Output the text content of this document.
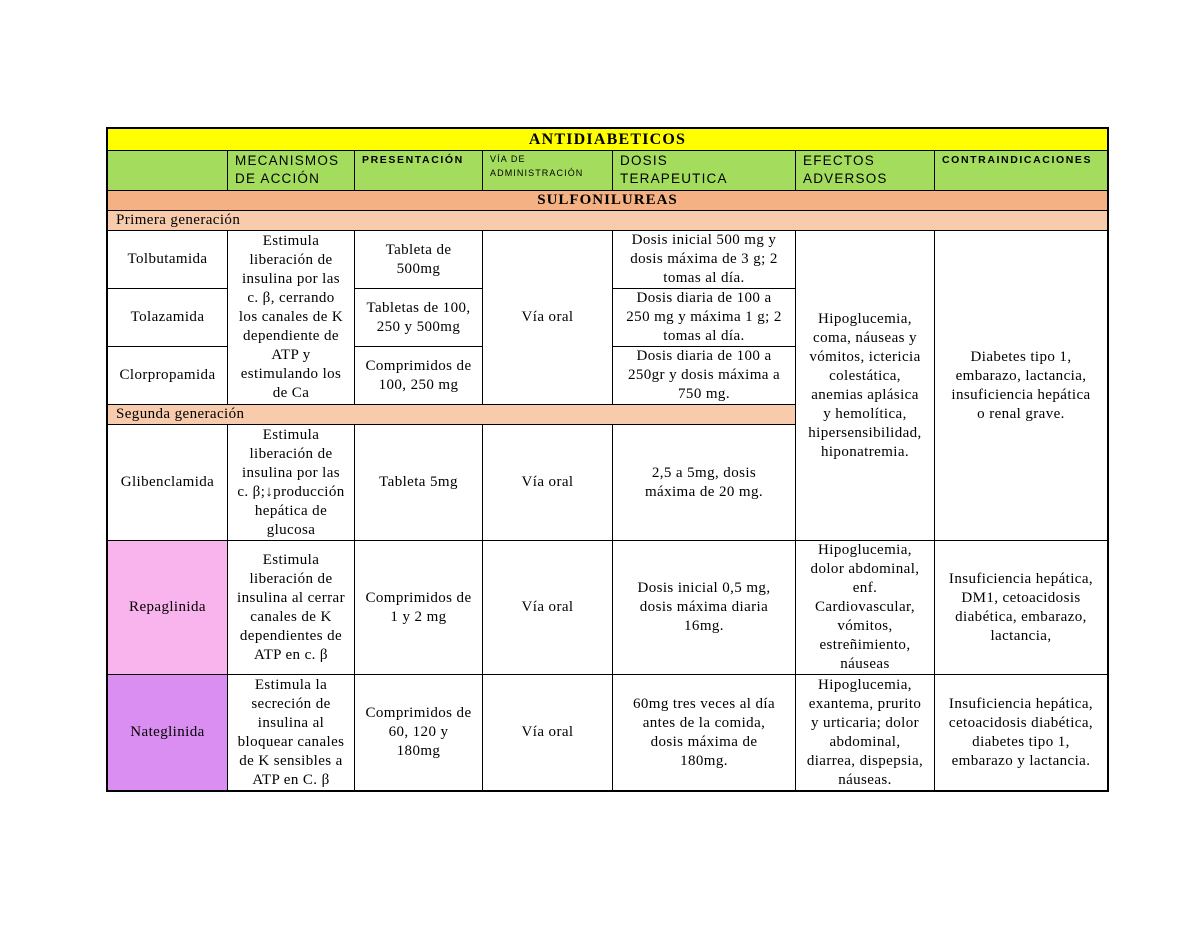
ANTIDIABETICOS
MECANISMOS
DE ACCIÓN
PRESENTACIÓN	VÍA DE
ADMINISTRACIÓN
DOSIS
TERAPEUTICA
EFECTOS
ADVERSOS
CONTRAINDICACIONES
SULFONILUREAS
Primera generación
Tolbutamida
Estimula
liberación de
insulina por las
c. β, cerrando
los canales de K
dependiente de
ATP y
estimulando los
de Ca
Tableta de
500mg
Vía oral
Dosis inicial 500 mg y
dosis máxima de 3 g; 2
tomas al día.
Hipoglucemia,
coma, náuseas y
vómitos, ictericia
colestática,
anemias aplásica
y hemolítica,
hipersensibilidad,
hiponatremia.
Diabetes tipo 1,
embarazo, lactancia,
insuficiencia hepática
o renal grave.
Tolazamida
Tabletas de 100,
250 y 500mg
Dosis diaria de 100 a
250 mg y máxima 1 g; 2
tomas al día.
Clorpropamida
Comprimidos de
100, 250 mg
Dosis diaria de 100 a
250gr y dosis máxima a
750 mg.
Segunda generación
Glibenclamida
Estimula
liberación de
insulina por las
c. β;↓producción
hepática de
glucosa
Tableta 5mg	Vía oral
2,5 a 5mg, dosis
máxima de 20 mg.
Repaglinida
Estimula
liberación de
insulina al cerrar
canales de K
dependientes de
ATP en c. β
Comprimidos de
1 y 2 mg
Vía oral
Dosis inicial 0,5 mg,
dosis máxima diaria
16mg.
Hipoglucemia,
dolor abdominal,
enf.
Cardiovascular,
vómitos,
estreñimiento,
náuseas
Insuficiencia hepática,
DM1, cetoacidosis
diabética, embarazo,
lactancia,
Nateglinida
Estimula la
secreción de
insulina al
bloquear canales
de K sensibles a
ATP en C. β
Comprimidos de
60, 120 y
180mg
Vía oral
60mg tres veces al día
antes de la comida,
dosis máxima de
180mg.
Hipoglucemia,
exantema, prurito
y urticaria; dolor
abdominal,
diarrea, dispepsia,
náuseas.
Insuficiencia hepática,
cetoacidosis diabética,
diabetes tipo 1,
embarazo y lactancia.
